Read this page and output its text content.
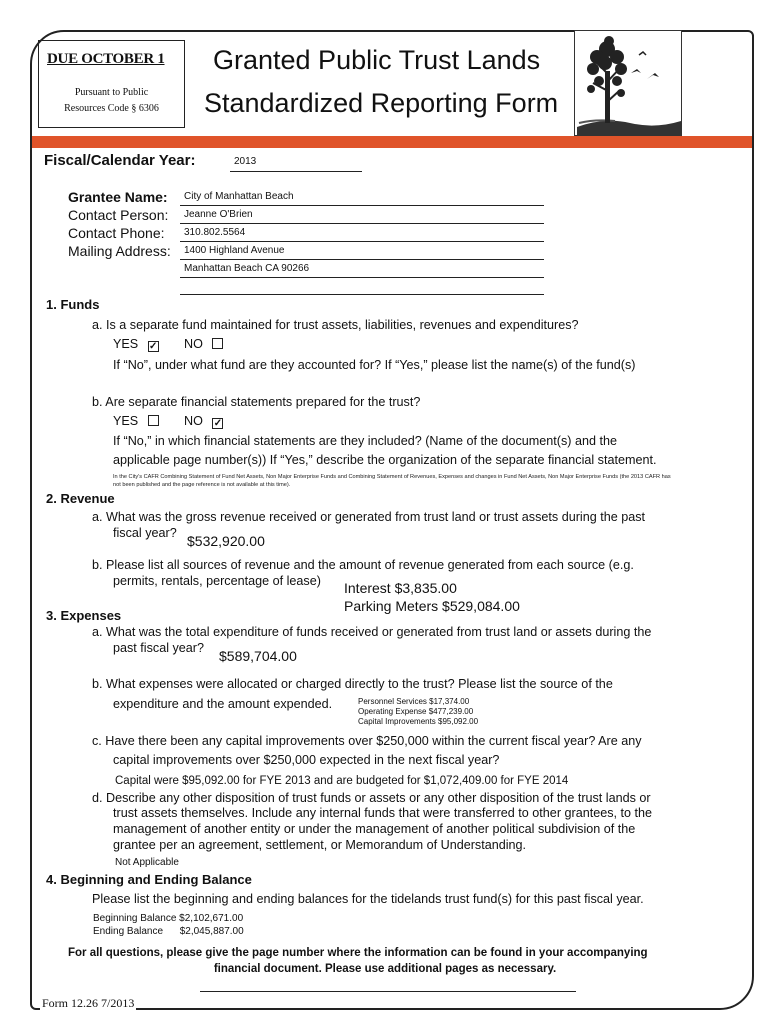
DUE OCTOBER 1
Pursuant to Public
Resources Code § 6306
Granted Public Trust Lands
Standardized Reporting Form
Fiscal/Calendar Year:	2013
Grantee Name: City of Manhattan Beach
Contact Person: Jeanne O'Brien
Contact Phone: 310.802.5564
Mailing Address: 1400 Highland Avenue
Manhattan Beach CA 90266
1. Funds
a. Is a separate fund maintained for trust assets, liabilities, revenues and expenditures?
YES ✓ NO
If “No”, under what fund are they accounted for? If “Yes,” please list the name(s) of the fund(s)
b. Are separate financial statements prepared for the trust?
YES	NO ✓
If “No,” in which financial statements are they included? (Name of the document(s) and the
applicable page number(s)) If “Yes,” describe the organization of the separate financial statement.
In the City's CAFR Combining Statement of Fund Net Assets, Non Major Enterprise Funds and Combining Statement of Revenues, Expenses and changes in Fund Net Assets, Non Major Enterprise Funds (the 2013 CAFR has
not been published and the page reference is not available at this time).
2. Revenue
a. What was the gross revenue received or generated from trust land or trust assets during the past
fiscal year? $532,920.00
b. Please list all sources of revenue and the amount of revenue generated from each source (e.g.
permits, rentals, percentage of lease) Interest $3,835.00
Parking Meters $529,084.00
3. Expenses
a. What was the total expenditure of funds received or generated from trust land or assets during the
past fiscal year? $589,704.00
b. What expenses were allocated or charged directly to the trust? Please list the source of the
expenditure and the amount expended.	Personnel Services $17,374.00
Operating Expense $477,239.00
Capital Improvements $95,092.00
c. Have there been any capital improvements over $250,000 within the current fiscal year? Are any
capital improvements over $250,000 expected in the next fiscal year?
Capital were $95,092.00 for FYE 2013 and are budgeted for $1,072,409.00 for FYE 2014
d. Describe any other disposition of trust funds or assets or any other disposition of the trust lands or
trust assets themselves. Include any internal funds that were transferred to other grantees, to the
management of another entity or under the management of another political subdivision of the
grantee per an agreement, settlement, or Memorandum of Understanding.
Not Applicable
4. Beginning and Ending Balance
Please list the beginning and ending balances for the tidelands trust fund(s) for this past fiscal year.
Beginning Balance $2,102,671.00
Ending Balance      $2,045,887.00
For all questions, please give the page number where the information can be found in your accompanying
financial document. Please use additional pages as necessary.
Form 12.26 7/2013
